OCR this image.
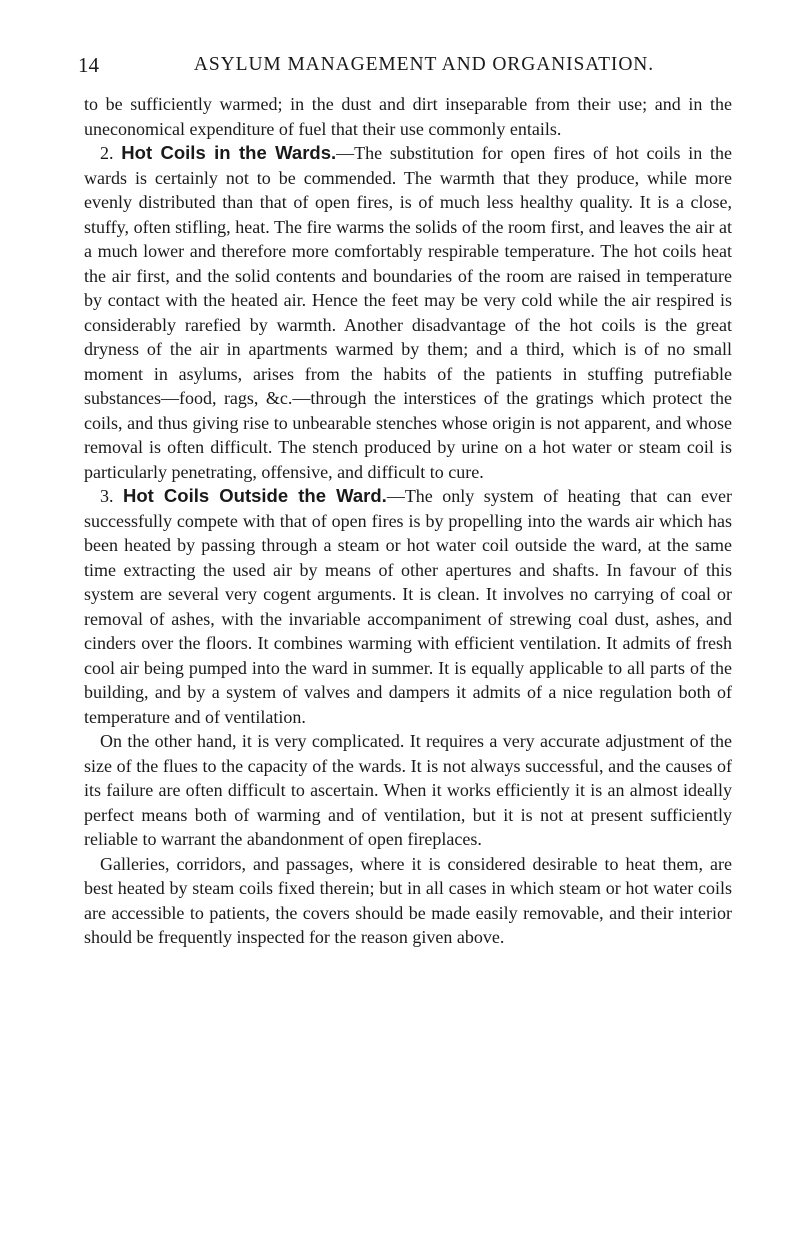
14	ASYLUM MANAGEMENT AND ORGANISATION.

to be sufficiently warmed; in the dust and dirt inseparable from their use; and in the uneconomical expenditure of fuel that their use commonly entails.

2. Hot Coils in the Wards.—The substitution for open fires of hot coils in the wards is certainly not to be commended. The warmth that they produce, while more evenly distributed than that of open fires, is of much less healthy quality. It is a close, stuffy, often stifling, heat. The fire warms the solids of the room first, and leaves the air at a much lower and therefore more comfortably respirable temperature. The hot coils heat the air first, and the solid contents and boundaries of the room are raised in temperature by contact with the heated air. Hence the feet may be very cold while the air respired is considerably rarefied by warmth. Another disadvantage of the hot coils is the great dryness of the air in apartments warmed by them; and a third, which is of no small moment in asylums, arises from the habits of the patients in stuffing putrefiable substances—food, rags, &c.—through the interstices of the gratings which protect the coils, and thus giving rise to unbearable stenches whose origin is not apparent, and whose removal is often difficult. The stench produced by urine on a hot water or steam coil is particularly penetrating, offensive, and difficult to cure.

3. Hot Coils Outside the Ward.—The only system of heating that can ever successfully compete with that of open fires is by propelling into the wards air which has been heated by passing through a steam or hot water coil outside the ward, at the same time extracting the used air by means of other apertures and shafts. In favour of this system are several very cogent arguments. It is clean. It involves no carrying of coal or removal of ashes, with the invariable accompaniment of strewing coal dust, ashes, and cinders over the floors. It combines warming with efficient ventilation. It admits of fresh cool air being pumped into the ward in summer. It is equally applicable to all parts of the building, and by a system of valves and dampers it admits of a nice regulation both of temperature and of ventilation.

On the other hand, it is very complicated. It requires a very accurate adjustment of the size of the flues to the capacity of the wards. It is not always successful, and the causes of its failure are often difficult to ascertain. When it works efficiently it is an almost ideally perfect means both of warming and of ventilation, but it is not at present sufficiently reliable to warrant the abandonment of open fireplaces.

Galleries, corridors, and passages, where it is considered desirable to heat them, are best heated by steam coils fixed therein; but in all cases in which steam or hot water coils are accessible to patients, the covers should be made easily removable, and their interior should be frequently inspected for the reason given above.
